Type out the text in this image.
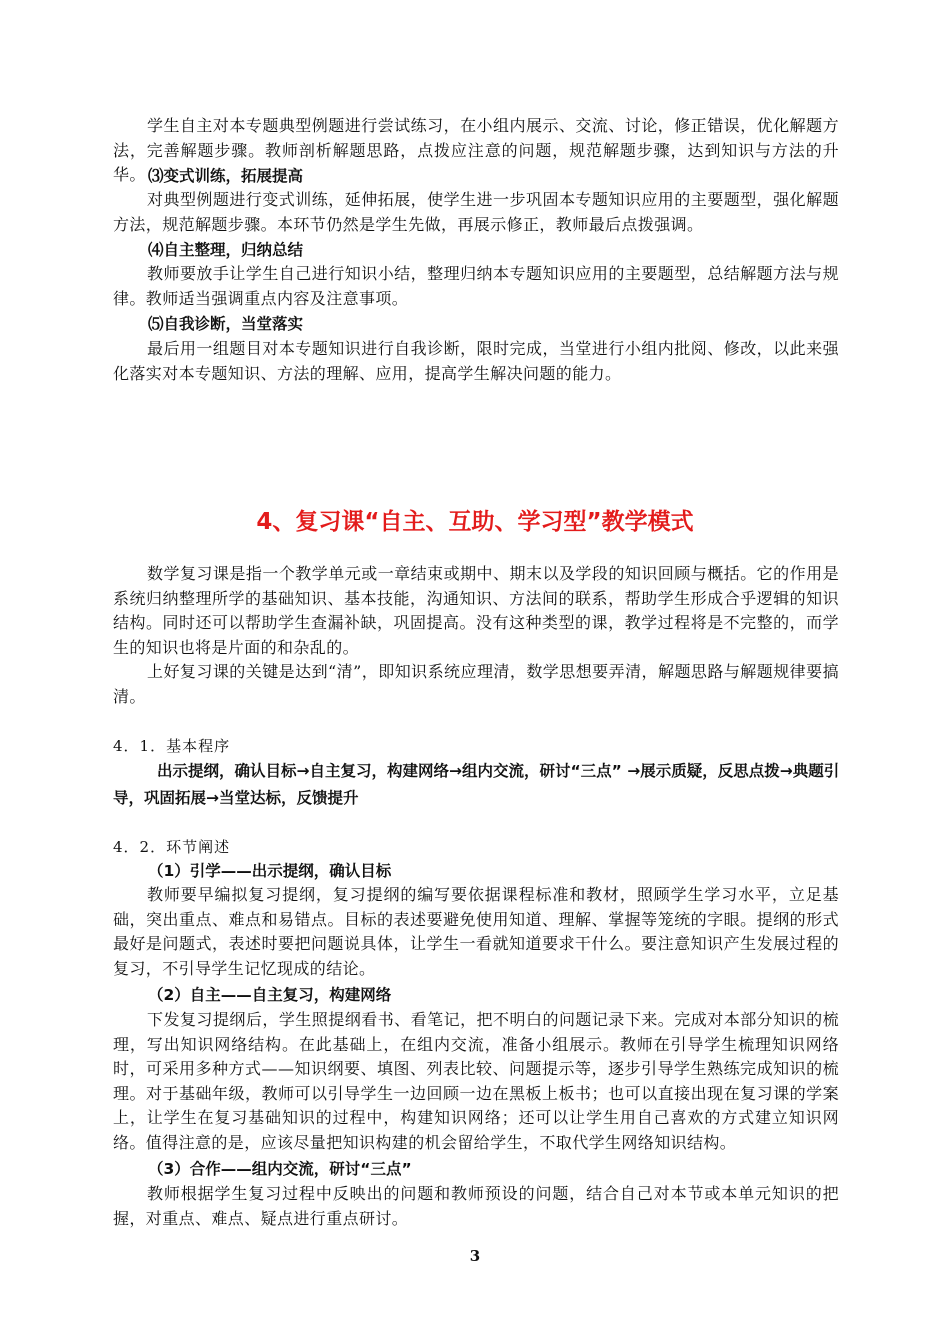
学生自主对本专题典型例题进行尝试练习，在小组内展示、交流、讨论，修正错误，优化解题方法，完善解题步骤。教师剖析解题思路，点拨应注意的问题，规范解题步骤，达到知识与方法的升华。 ⑶变式训练，拓展提高

对典型例题进行变式训练，延伸拓展，使学生进一步巩固本专题知识应用的主要题型，强化解题方法，规范解题步骤。本环节仍然是学生先做，再展示修正，教师最后点拨强调。

⑷自主整理，归纳总结

教师要放手让学生自己进行知识小结，整理归纳本专题知识应用的主要题型，总结解题方法与规律。教师适当强调重点内容及注意事项。

⑸自我诊断，当堂落实

最后用一组题目对本专题知识进行自我诊断，限时完成，当堂进行小组内批阅、修改，以此来强化落实对本专题知识、方法的理解、应用，提高学生解决问题的能力。

4、复习课“自主、互助、学习型”教学模式

数学复习课是指一个教学单元或一章结束或期中、期末以及学段的知识回顾与概括。它的作用是系统归纳整理所学的基础知识、基本技能，沟通知识、方法间的联系，帮助学生形成合乎逻辑的知识结构。同时还可以帮助学生查漏补缺，巩固提高。没有这种类型的课，教学过程将是不完整的，而学生的知识也将是片面的和杂乱的。

上好复习课的关键是达到“清”，即知识系统应理清，数学思想要弄清，解题思路与解题规律要搞清。

4．1．基本程序

出示提纲，确认目标→自主复习，构建网络→组内交流，研讨“三点” →展示质疑，反思点拨→典题引导，巩固拓展→当堂达标，反馈提升

4．2．环节阐述

（1）引学——出示提纲，确认目标

教师要早编拟复习提纲，复习提纲的编写要依据课程标准和教材，照顾学生学习水平，立足基础，突出重点、难点和易错点。目标的表述要避免使用知道、理解、掌握等笼统的字眼。提纲的形式最好是问题式，表述时要把问题说具体，让学生一看就知道要求干什么。要注意知识产生发展过程的复习，不引导学生记忆现成的结论。

（2）自主——自主复习，构建网络

下发复习提纲后，学生照提纲看书、看笔记，把不明白的问题记录下来。完成对本部分知识的梳理，写出知识网络结构。在此基础上，在组内交流，准备小组展示。教师在引导学生梳理知识网络时，可采用多种方式——知识纲要、填图、列表比较、问题提示等，逐步引导学生熟练完成知识的梳理。对于基础年级，教师可以引导学生一边回顾一边在黑板上板书；也可以直接出现在复习课的学案上，让学生在复习基础知识的过程中，构建知识网络；还可以让学生用自己喜欢的方式建立知识网络。值得注意的是，应该尽量把知识构建的机会留给学生，不取代学生网络知识结构。

（3）合作——组内交流，研讨“三点”

教师根据学生复习过程中反映出的问题和教师预设的问题，结合自己对本节或本单元知识的把握，对重点、难点、疑点进行重点研讨。

3
